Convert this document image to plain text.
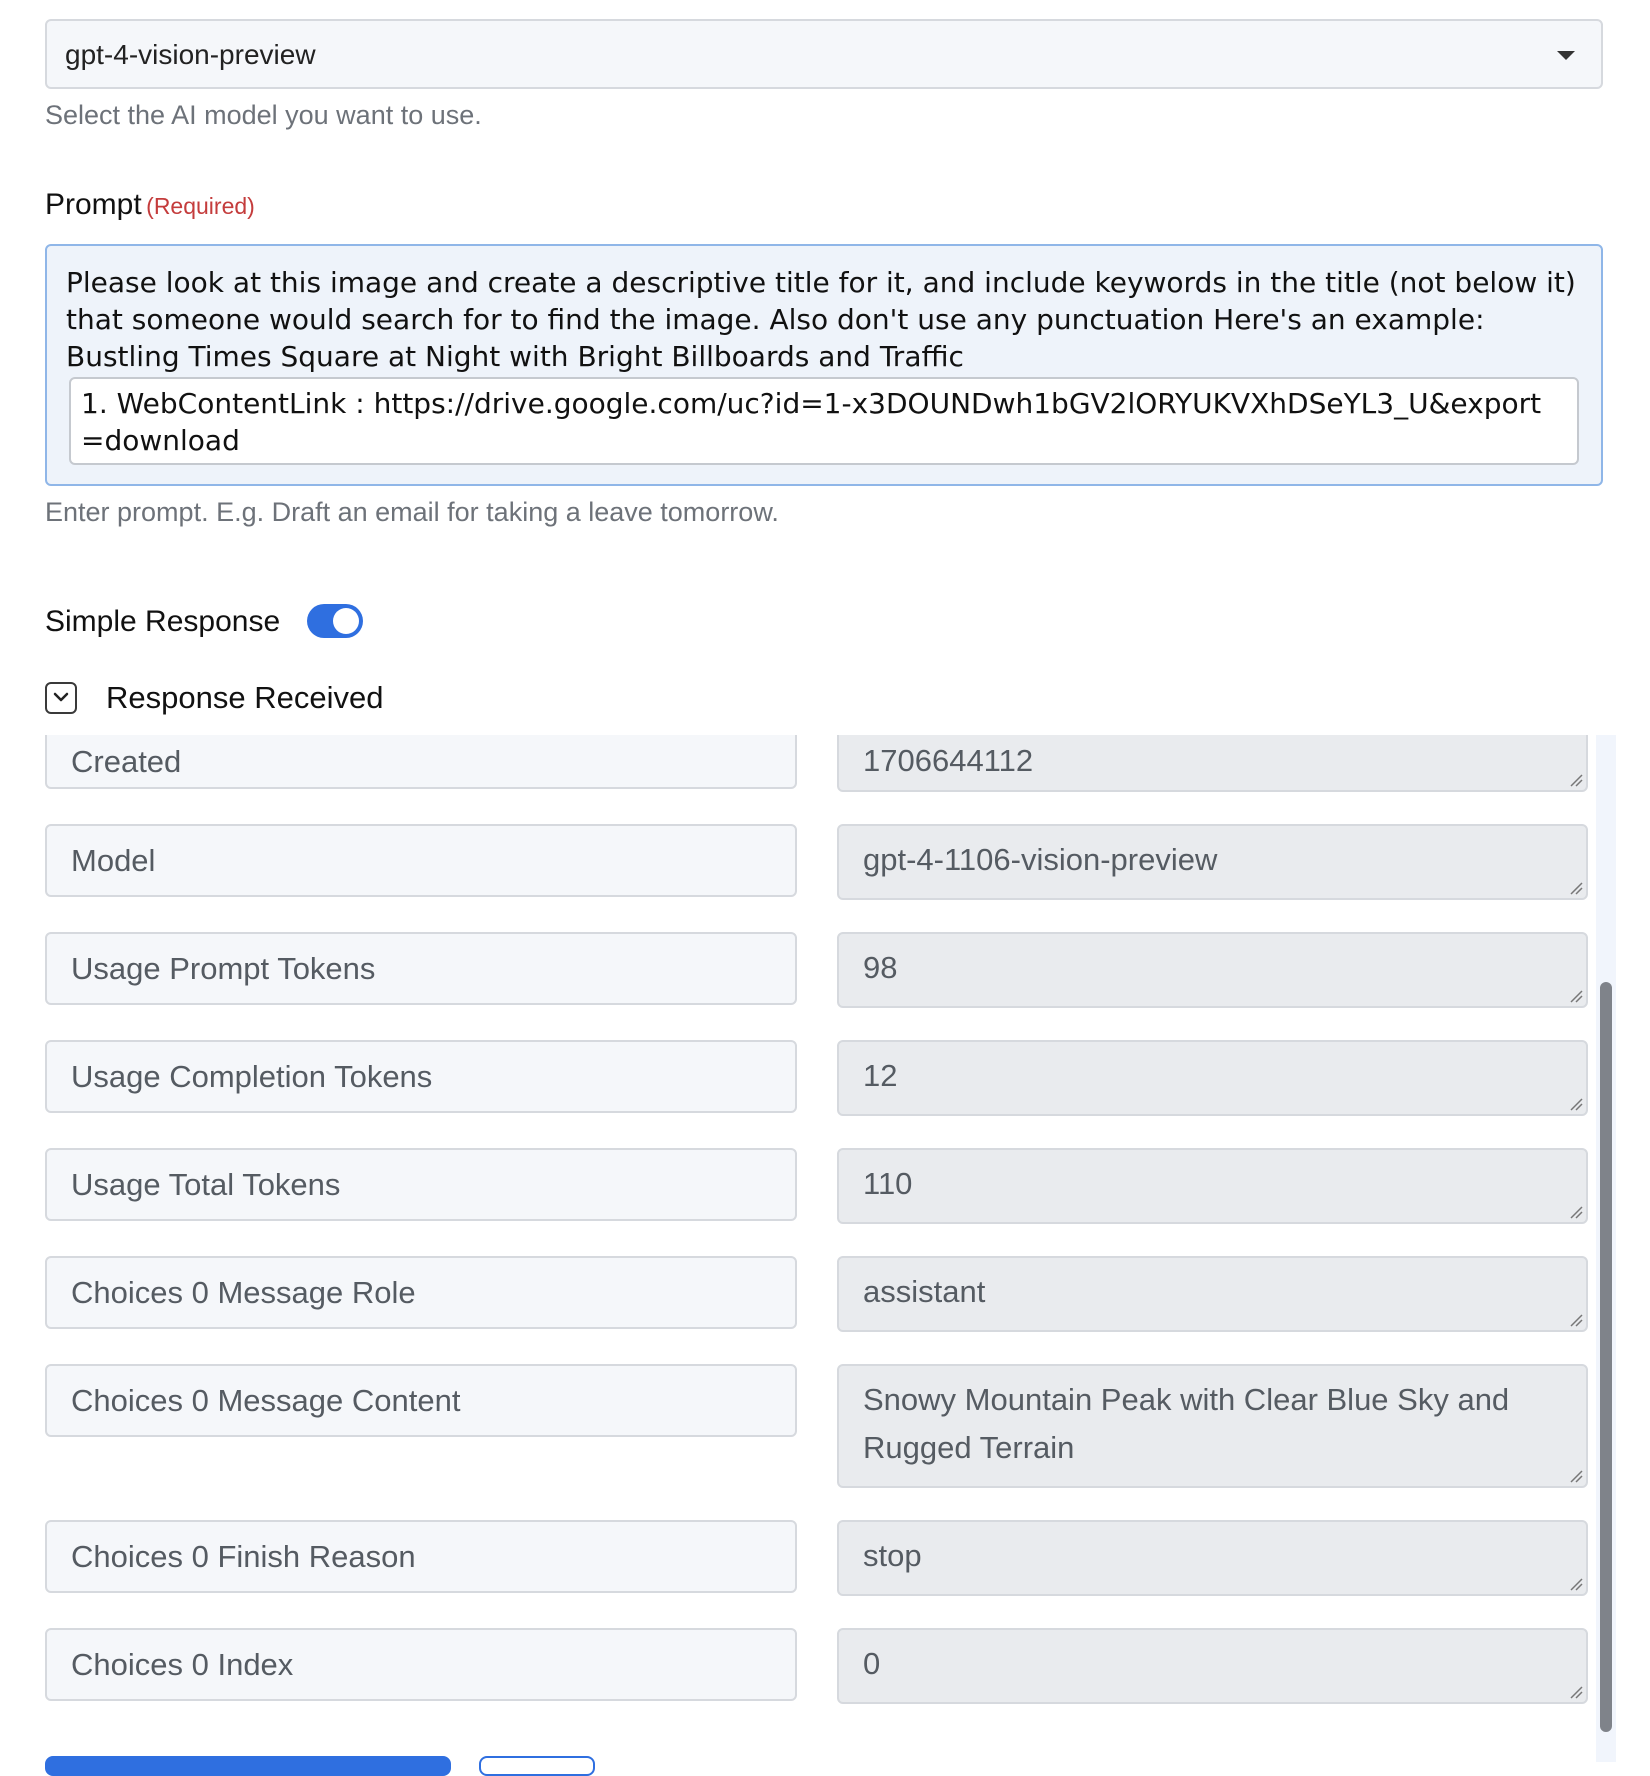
gpt-4-vision-preview
Select the AI model you want to use.
Prompt (Required)
Please look at this image and create a descriptive title for it, and include keywords in the title (not below it) that someone would search for to find the image. Also don't use any punctuation Here's an example: Bustling Times Square at Night with Bright Billboards and Traffic
1. WebContentLink : https://drive.google.com/uc?id=1-x3DOUNDwh1bGV2lORYUKVXhDSeYL3_U&export=download
Enter prompt. E.g. Draft an email for taking a leave tomorrow.
Simple Response
Response Received
Created	1706644112
Model	gpt-4-1106-vision-preview
Usage Prompt Tokens	98
Usage Completion Tokens	12
Usage Total Tokens	110
Choices 0 Message Role	assistant
Choices 0 Message Content	Snowy Mountain Peak with Clear Blue Sky and Rugged Terrain
Choices 0 Finish Reason	stop
Choices 0 Index	0
